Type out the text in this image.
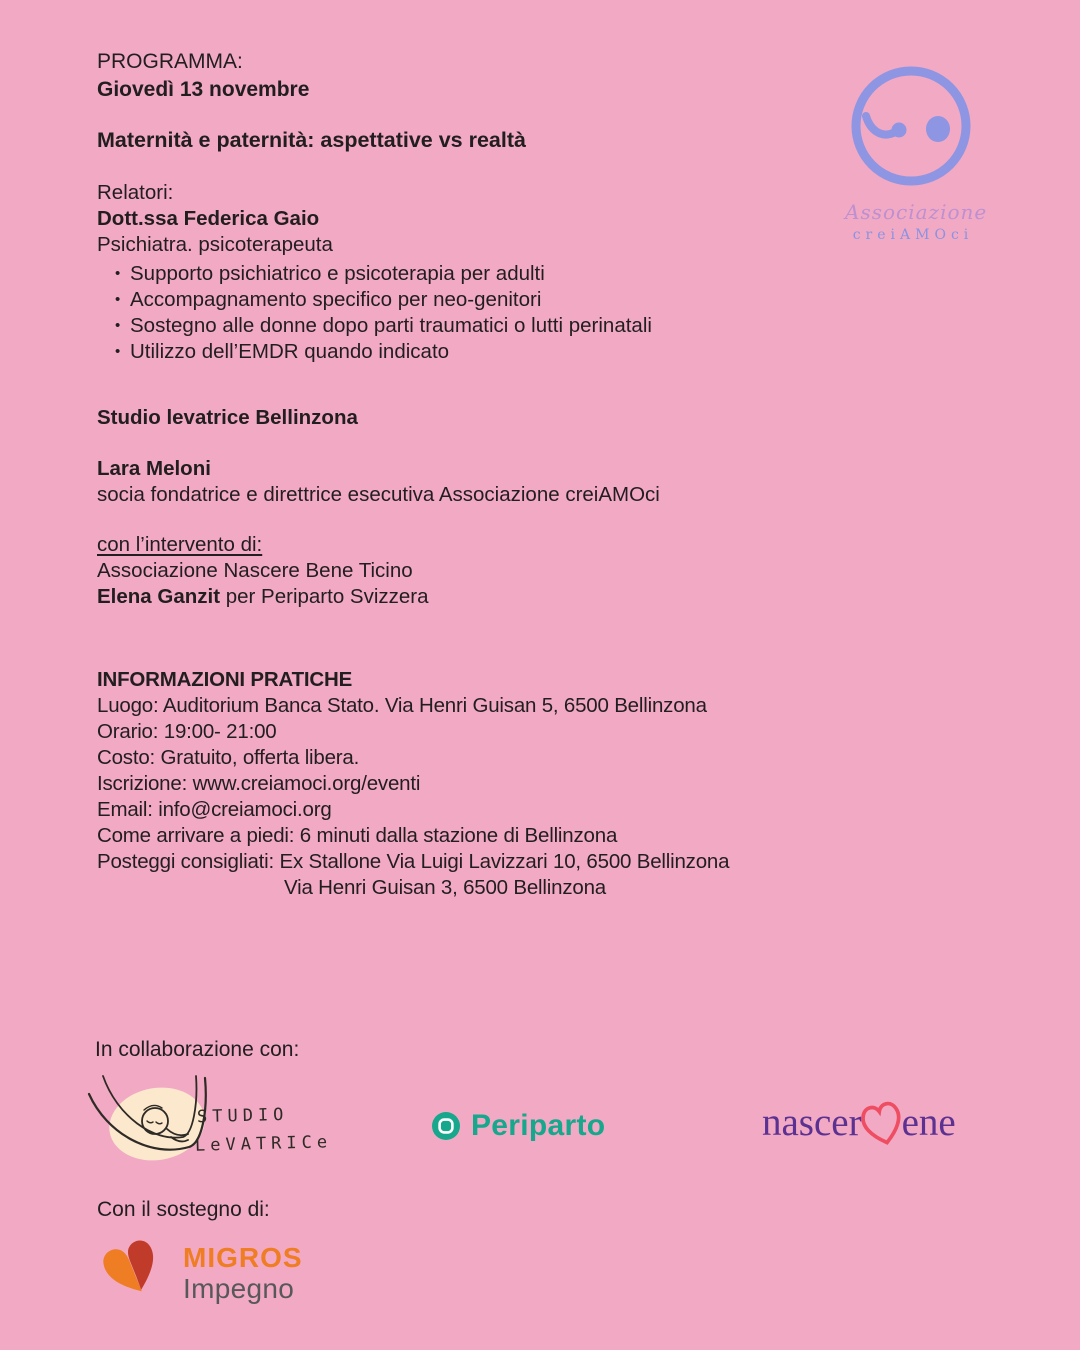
Associazione
creiAMOci
PROGRAMMA:
Giovedì 13 novembre
Maternità e paternità: aspettative vs realtà
Relatori:
Dott.ssa Federica Gaio
Psichiatra. psicoterapeuta
• Supporto psichiatrico e psicoterapia per adulti
• Accompagnamento specifico per neo-genitori
• Sostegno alle donne dopo parti traumatici o lutti perinatali
• Utilizzo dell’EMDR quando indicato
Studio levatrice Bellinzona
Lara Meloni
socia fondatrice e direttrice esecutiva Associazione creiAMOci
con l’intervento di:
Associazione Nascere Bene Ticino
Elena Ganzit per Periparto Svizzera
INFORMAZIONI PRATICHE
Luogo: Auditorium Banca Stato. Via Henri Guisan 5, 6500 Bellinzona
Orario: 19:00- 21:00
Costo: Gratuito, offerta libera.
Iscrizione: www.creiamoci.org/eventi
Email: info@creiamoci.org
Come arrivare a piedi: 6 minuti dalla stazione di Bellinzona
Posteggi consigliati: Ex Stallone Via Luigi Lavizzari 10, 6500 Bellinzona
Via Henri Guisan 3, 6500 Bellinzona
In collaborazione con:
STUDIO
LeVATRICe
Periparto	nascer ene
Con il sostegno di:
MIGROS
Impegno
